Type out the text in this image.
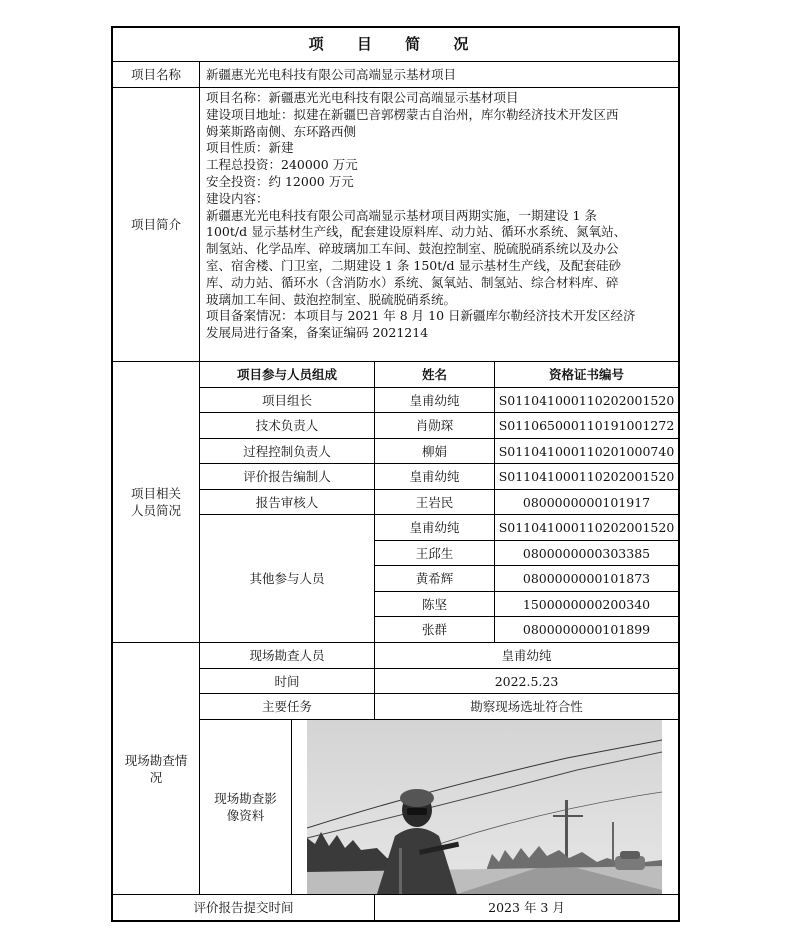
项 目 简 况
项目名称	新疆惠光光电科技有限公司高端显示基材项目
项目简介
项目名称：新疆惠光光电科技有限公司高端显示基材项目
建设项目地址：拟建在新疆巴音郭楞蒙古自治州，库尔勒经济技术开发区西
姆莱斯路南侧、东环路西侧
项目性质：新建
工程总投资：240000 万元
安全投资：约 12000 万元
建设内容：
新疆惠光光电科技有限公司高端显示基材项目两期实施，一期建设 1 条
100t/d 显示基材生产线，配套建设原料库、动力站、循环水系统、氮氧站、
制氢站、化学品库、碎玻璃加工车间、鼓泡控制室、脱硫脱硝系统以及办公
室、宿舍楼、门卫室，二期建设 1 条 150t/d 显示基材生产线，及配套硅砂
库、动力站、循环水（含消防水）系统、氮氧站、制氢站、综合材料库、碎
玻璃加工车间、鼓泡控制室、脱硫脱硝系统。
项目备案情况：本项目与 2021 年 8 月 10 日新疆库尔勒经济技术开发区经济
发展局进行备案，备案证编码 2021214
项目相关
人员简况
项目参与人员组成	姓名	资格证书编号
项目组长	皇甫幼纯	S011041000110202001520
技术负责人	肖勋琛	S011065000110191001272
过程控制负责人	柳娟	S011041000110201000740
评价报告编制人	皇甫幼纯	S011041000110202001520
报告审核人	王岩民	0800000000101917
其他参与人员
皇甫幼纯	S011041000110202001520
王邱生	0800000000303385
黄希辉	0800000000101873
陈坚	1500000000200340
张群	0800000000101899
现场勘查情
况
现场勘查人员	皇甫幼纯
时间	2022.5.23
主要任务	勘察现场选址符合性
现场勘查影
像资料
评价报告提交时间	2023 年 3 月
